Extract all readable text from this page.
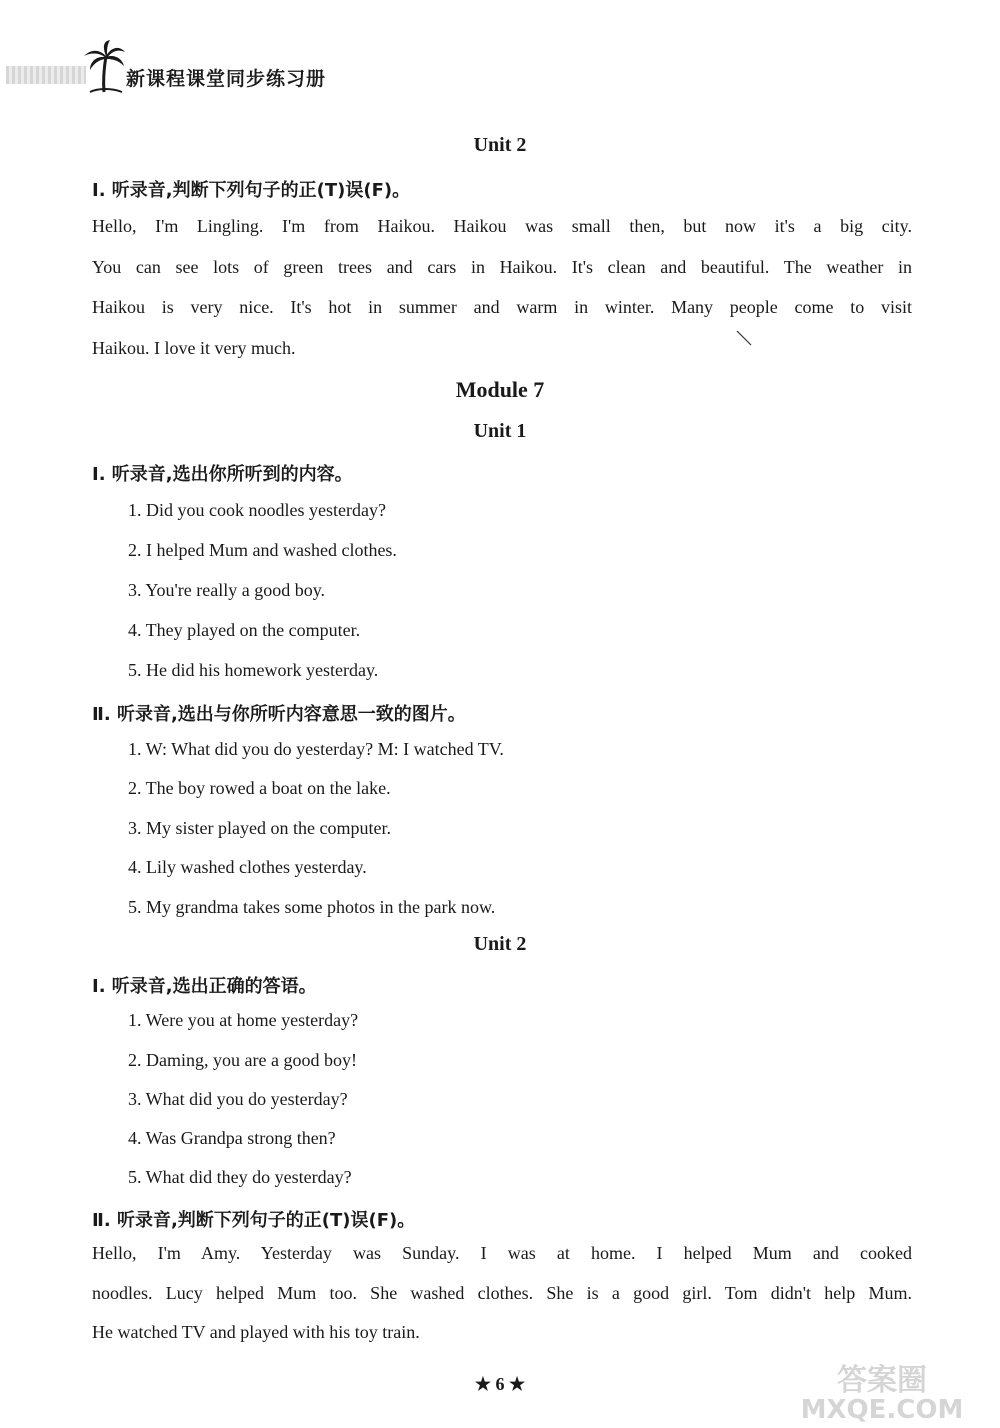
新课程课堂同步练习册
Unit 2
Ⅰ. 听录音,判断下列句子的正(T)误(F)。
Hello, I'm Lingling. I'm from Haikou. Haikou was small then, but now it's a big city.
You can see lots of green trees and cars in Haikou. It's clean and beautiful. The weather in
Haikou is very nice. It's hot in summer and warm in winter. Many people come to visit
Haikou. I love it very much.
Module 7
Unit 1
Ⅰ. 听录音,选出你所听到的内容。
1. Did you cook noodles yesterday?
2. I helped Mum and washed clothes.
3. You're really a good boy.
4. They played on the computer.
5. He did his homework yesterday.
Ⅱ. 听录音,选出与你所听内容意思一致的图片。
1. W: What did you do yesterday? M: I watched TV.
2. The boy rowed a boat on the lake.
3. My sister played on the computer.
4. Lily washed clothes yesterday.
5. My grandma takes some photos in the park now.
Unit 2
Ⅰ. 听录音,选出正确的答语。
1. Were you at home yesterday?
2. Daming, you are a good boy!
3. What did you do yesterday?
4. Was Grandpa strong then?
5. What did they do yesterday?
Ⅱ. 听录音,判断下列句子的正(T)误(F)。
Hello, I'm Amy. Yesterday was Sunday. I was at home. I helped Mum and cooked
noodles. Lucy helped Mum too. She washed clothes. She is a good girl. Tom didn't help Mum.
He watched TV and played with his toy train.
★ 6 ★	答案圈
MXQE.COM
